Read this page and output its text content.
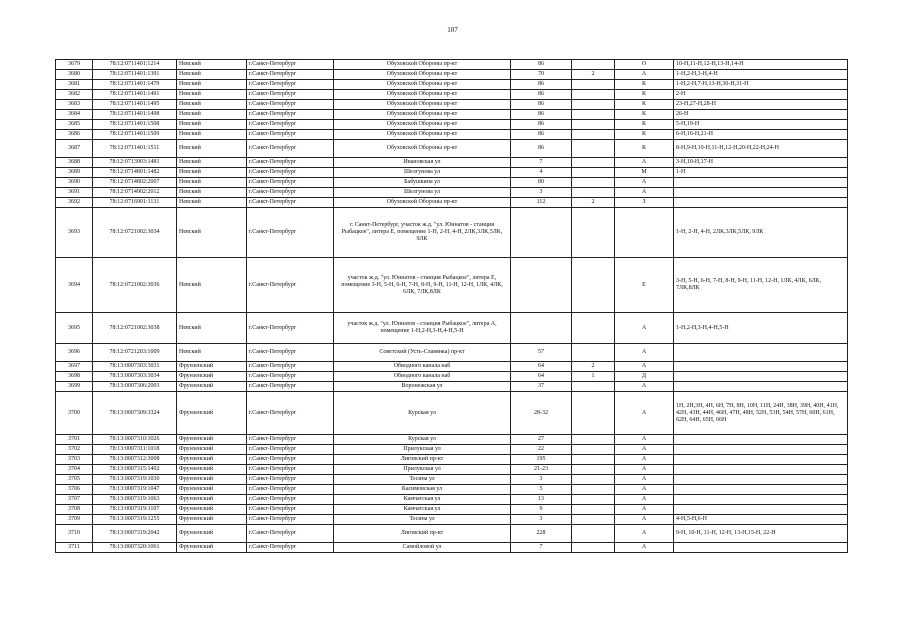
107
3679	78:12:0711401:1214	Невский	г.Санкт-Петербург	Обуховской Обороны пр-кт	86		О	10-Н,11-Н,12-Н,13-Н,14-Н
3680	78:12:0711401:1391	Невский	г.Санкт-Петербург	Обуховской Обороны пр-кт	70	2	А	1-Н,2-Н,3-Н,4-Н
3681	78:12:0711401:1479	Невский	г.Санкт-Петербург	Обуховской Обороны пр-кт	86		К	1-Н,2-Н,7-Н,13-Н,30-Н,31-Н
3682	78:12:0711401:1491	Невский	г.Санкт-Петербург	Обуховской Обороны пр-кт	86		К	2-Н
3683	78:12:0711401:1495	Невский	г.Санкт-Петербург	Обуховской Обороны пр-кт	86		К	23-Н,27-Н,28-Н
3684	78:12:0711401:1498	Невский	г.Санкт-Петербург	Обуховской Обороны пр-кт	86		К	26-Н
3685	78:12:0711401:1508	Невский	г.Санкт-Петербург	Обуховской Обороны пр-кт	86		К	5-Н,19-Н
3686	78:12:0711401:1509	Невский	г.Санкт-Петербург	Обуховской Обороны пр-кт	86		К	6-Н,16-Н,21-Н
3687	78:12:0711401:1511	Невский	г.Санкт-Петербург	Обуховской Обороны пр-кт	86		К	8-Н,9-Н,10-Н,11-Н,12-Н,20-Н,22-Н,24-Н
3688	78:12:0713903:1481	Невский	г.Санкт-Петербург	Ивановская ул	7		А	3-Н,10-Н,17-Н
3689	78:12:0714801:1482	Невский	г.Санкт-Петербург	Шелгунова ул	4		М	1-Н
3690	78:12:0714802:2007	Невский	г.Санкт-Петербург	Бабушкина ул	80		А	
3691	78:12:0714902:2012	Невский	г.Санкт-Петербург	Шелгунова ул	3		А	
3692	78:12:0716901:1131	Невский	г.Санкт-Петербург	Обуховской Обороны пр-кт	112	2	З	
3693	78:12:0721002:3034	Невский	г.Санкт-Петербург	г. Санкт-Петербург, участок ж.д. "ул. Юннатов - станция Рыбацкое", литера Е, помещение 1-Н, 2-Н, 4-Н, 2ЛК,3ЛК,5ЛК, 9ЛК				1-Н, 2-Н, 4-Н, 2ЛК,3ЛК,5ЛК, 9ЛК
3694	78:12:0721002:3036	Невский	г.Санкт-Петербург	участок ж.д. "ул. Юннатов - станция Рыбацкое", литера Е, помещение 3-Н, 5-Н, 6-Н, 7-Н, 8-Н, 9-Н, 11-Н, 12-Н, 1ЛК, 4ЛК, 6ЛК, 7ЛК,8ЛК			Е	3-Н, 5-Н, 6-Н, 7-Н, 8-Н, 9-Н, 11-Н, 12-Н, 1ЛК, 4ЛК, 6ЛК, 7ЛК,8ЛК
3695	78:12:0721002:3038	Невский	г.Санкт-Петербург	участок ж.д. "ул. Юннатов - станция Рыбацкое", литера А, помещение 1-Н,2-Н,3-Н,4-Н,5-Н			А	1-Н,2-Н,3-Н,4-Н,5-Н
3696	78:12:0721203:1009	Невский	г.Санкт-Петербург	Советский (Усть-Славянка) пр-кт	57		А	
3697	78:13:0007303:3031	Фрунзенский	г.Санкт-Петербург	Обводного канала наб	64	2	А	
3698	78:13:0007303:3034	Фрунзенский	г.Санкт-Петербург	Обводного канала наб	64	1	Д	
3699	78:13:0007306:2003	Фрунзенский	г.Санкт-Петербург	Воронежская ул	37		А	
3700	78:13:0007309:3324	Фрунзенский	г.Санкт-Петербург	Курская ул	28-32		А	1Н, 2Н,3Н, 4Н, 6Н, 7Н, 8Н, 10Н, 11Н, 24Н, 38Н, 39Н, 40Н, 41Н, 42Н, 43Н, 44Н, 46Н, 47Н, 48Н, 52Н, 53Н, 54Н, 57Н, 60Н, 61Н, 62Н, 64Н, 65Н, 66Н
3701	78:13:0007310:1026	Фрунзенский	г.Санкт-Петербург	Курская ул	27		А	
3702	78:13:0007311:1018	Фрунзенский	г.Санкт-Петербург	Прилукская ул	22		А	
3703	78:13:0007312:3008	Фрунзенский	г.Санкт-Петербург	Лиговский пр-кт	195		А	
3704	78:13:0007315:1402	Фрунзенский	г.Санкт-Петербург	Прилукская ул	21-23		А	
3705	78:13:0007319:1030	Фрунзенский	г.Санкт-Петербург	Тосина ул	3		А	
3706	78:13:0007319:1047	Фрунзенский	г.Санкт-Петербург	Касимовская ул	5		А	
3707	78:13:0007319:1063	Фрунзенский	г.Санкт-Петербург	Камчатская ул	13		А	
3708	78:13:0007319:1107	Фрунзенский	г.Санкт-Петербург	Камчатская ул	9		А	
3709	78:13:0007319:1255	Фрунзенский	г.Санкт-Петербург	Тосина ул	3		А	4-Н,5-Н,6-Н
3710	78:13:0007319:2042	Фрунзенский	г.Санкт-Петербург	Лиговский пр-кт	228		А	9-Н, 10-Н, 11-Н, 12-Н, 13-Н,15-Н, 22-Н
3711	78:13:0007320:1061	Фрунзенский	г.Санкт-Петербург	Самойловой ул	7		А	
